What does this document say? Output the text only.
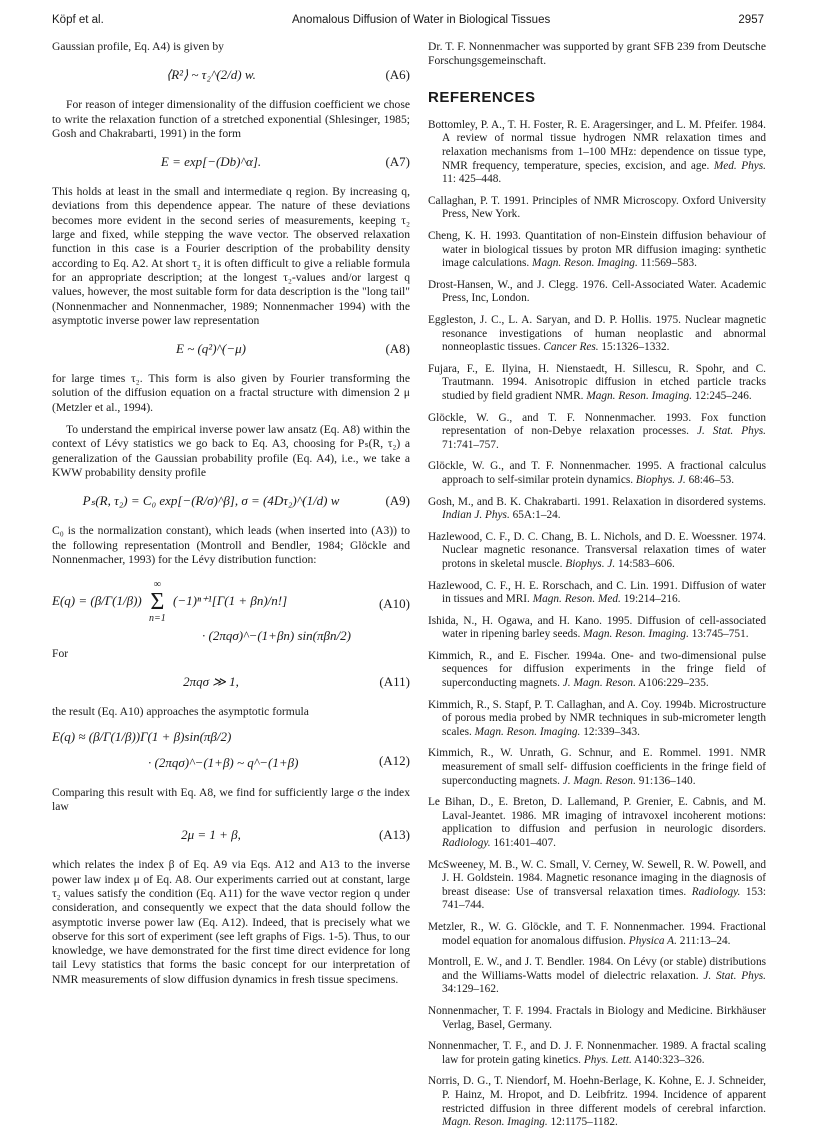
Köpf et al.	Anomalous Diffusion of Water in Biological Tissues	2957

Gaussian profile, Eq. A4) is given by

⟨R²⟩ ~ τ₂^(2/d) w.	(A6)

For reason of integer dimensionality of the diffusion coefficient we chose to write the relaxation function of a stretched exponential (Shlesinger, 1985; Gosh and Chakrabarti, 1991) in the form

E = exp[−(Db)^α].	(A7)

This holds at least in the small and intermediate q region. By increasing q, deviations from this dependence appear. The nature of these deviations becomes more evident in the second series of measurements, keeping τ₂ large and fixed, while stepping the wave vector. The observed relaxation function in this case is a Fourier description of the probability density according to Eq. A2. At short τ₂ it is often difficult to give a reliable formula for an appropriate description; at the longest τ₂-values and/or largest q values, however, the most suitable form for data description is the "long tail" (Nonnenmacher and Nonnenmacher, 1989; Nonnenmacher 1994) with the asymptotic inverse power law representation

E ~ (q²)^(−μ)	(A8)

for large times τ₂. This form is also given by Fourier transforming the solution of the diffusion equation on a fractal structure with dimension 2 μ (Metzler et al., 1994).

To understand the empirical inverse power law ansatz (Eq. A8) within the context of Lévy statistics we go back to Eq. A3, choosing for Pₛ(R, τ₂) a generalization of the Gaussian probability profile (Eq. A4), i.e., we take a KWW probability density profile

Pₛ(R, τ₂) = C₀ exp[−(R/σ)^β], σ = (4Dτ₂)^(1/d) w	(A9)

C₀ is the normalization constant), which leads (when inserted into (A3)) to the following representation (Montroll and Bendler, 1984; Glöckle and Nonnenmacher, 1993) for the Lévy distribution function:

E(q) = (β/Γ(1/β))
∞
Σ
n=1
(−1)ⁿ⁺¹[Γ(1 + βn)/n!]
· (2πqσ)^−(1+βn) sin(πβn/2)
(A10)

For

2πqσ ≫ 1,	(A11)

the result (Eq. A10) approaches the asymptotic formula

E(q) ≈ (β/Γ(1/β))Γ(1 + β)sin(πβ/2)
· (2πqσ)^−(1+β) ~ q^−(1+β)	(A12)

Comparing this result with Eq. A8, we find for sufficiently large σ the index law

2μ = 1 + β,	(A13)

which relates the index β of Eq. A9 via Eqs. A12 and A13 to the inverse power law index μ of Eq. A8. Our experiments carried out at constant, large τ₂ values satisfy the condition (Eq. A11) for the wave vector region q under consideration, and consequently we expect that the data should follow the asymptotic inverse power law (Eq. A12). Indeed, that is precisely what we observe for this sort of experiment (see left graphs of Figs. 1-5). Thus, to our knowledge, we have demonstrated for the first time direct evidence for long tail Levy statistics that forms the basic concept for our interpretation of NMR measurements of slow diffusion dynamics in fresh tissue specimens.

Dr. T. F. Nonnenmacher was supported by grant SFB 239 from Deutsche Forschungsgemeinschaft.

REFERENCES

Bottomley, P. A., T. H. Foster, R. E. Aragersinger, and L. M. Pfeifer. 1984. A review of normal tissue hydrogen NMR relaxation times and relaxation mechanisms from 1–100 MHz: dependence on tissue type, NMR frequency, temperature, species, excision, and age. Med. Phys. 11: 425–448.

Callaghan, P. T. 1991. Principles of NMR Microscopy. Oxford University Press, New York.

Cheng, K. H. 1993. Quantitation of non-Einstein diffusion behaviour of water in biological tissues by proton MR diffusion imaging: synthetic image calculations. Magn. Reson. Imaging. 11:569–583.

Drost-Hansen, W., and J. Clegg. 1976. Cell-Associated Water. Academic Press, Inc, London.

Eggleston, J. C., L. A. Saryan, and D. P. Hollis. 1975. Nuclear magnetic resonance investigations of human neoplastic and abnormal nonneoplastic tissues. Cancer Res. 15:1326–1332.

Fujara, F., E. Ilyina, H. Nienstaedt, H. Sillescu, R. Spohr, and C. Trautmann. 1994. Anisotropic diffusion in etched particle tracks studied by field gradient NMR. Magn. Reson. Imaging. 12:245–246.

Glöckle, W. G., and T. F. Nonnenmacher. 1993. Fox function representation of non-Debye relaxation processes. J. Stat. Phys. 71:741–757.

Glöckle, W. G., and T. F. Nonnenmacher. 1995. A fractional calculus approach to self-similar protein dynamics. Biophys. J. 68:46–53.

Gosh, M., and B. K. Chakrabarti. 1991. Relaxation in disordered systems. Indian J. Phys. 65A:1–24.

Hazlewood, C. F., D. C. Chang, B. L. Nichols, and D. E. Woessner. 1974. Nuclear magnetic resonance. Transversal relaxation times of water protons in skeletal muscle. Biophys. J. 14:583–606.

Hazlewood, C. F., H. E. Rorschach, and C. Lin. 1991. Diffusion of water in tissues and MRI. Magn. Reson. Med. 19:214–216.

Ishida, N., H. Ogawa, and H. Kano. 1995. Diffusion of cell-associated water in ripening barley seeds. Magn. Reson. Imaging. 13:745–751.

Kimmich, R., and E. Fischer. 1994a. One- and two-dimensional pulse sequences for diffusion experiments in the fringe field of superconducting magnets. J. Magn. Reson. A106:229–235.

Kimmich, R., S. Stapf, P. T. Callaghan, and A. Coy. 1994b. Microstructure of porous media probed by NMR techniques in sub-micrometer length scales. Magn. Reson. Imaging. 12:339–343.

Kimmich, R., W. Unrath, G. Schnur, and E. Rommel. 1991. NMR measurement of small self- diffusion coefficients in the fringe field of superconducting magnets. J. Magn. Reson. 91:136–140.

Le Bihan, D., E. Breton, D. Lallemand, P. Grenier, E. Cabnis, and M. Laval-Jeantet. 1986. MR imaging of intravoxel incoherent motions: application to diffusion and perfusion in neurologic disorders. Radiology. 161:401–407.

McSweeney, M. B., W. C. Small, V. Cerney, W. Sewell, R. W. Powell, and J. H. Goldstein. 1984. Magnetic resonance imaging in the diagnosis of breast disease: Use of transversal relaxation times. Radiology. 153: 741–744.

Metzler, R., W. G. Glöckle, and T. F. Nonnenmacher. 1994. Fractional model equation for anomalous diffusion. Physica A. 211:13–24.

Montroll, E. W., and J. T. Bendler. 1984. On Lévy (or stable) distributions and the Williams-Watts model of dielectric relaxation. J. Stat. Phys. 34:129–162.

Nonnenmacher, T. F. 1994. Fractals in Biology and Medicine. Birkhäuser Verlag, Basel, Germany.

Nonnenmacher, T. F., and D. J. F. Nonnenmacher. 1989. A fractal scaling law for protein gating kinetics. Phys. Lett. A140:323–326.

Norris, D. G., T. Niendorf, M. Hoehn-Berlage, K. Kohne, E. J. Schneider, P. Hainz, M. Hropot, and D. Leibfritz. 1994. Incidence of apparent restricted diffusion in three different models of cerebral infarction. Magn. Reson. Imaging. 12:1175–1182.
